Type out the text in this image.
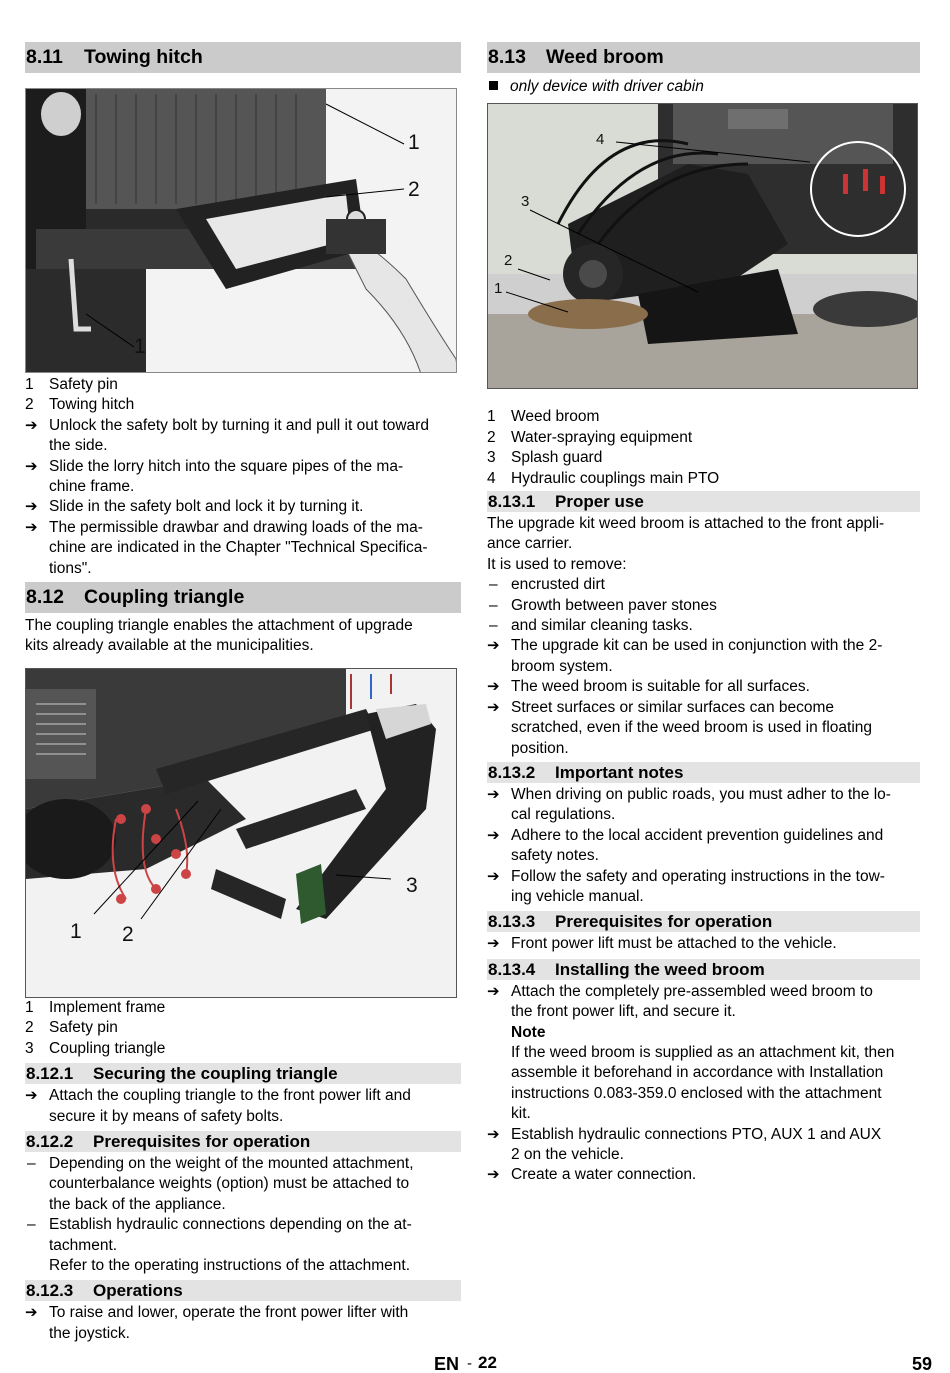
8.11 Towing hitch
1
2
1
1 Safety pin
2 Towing hitch
➔ Unlock the safety bolt by turning it and pull it out toward
the side.
➔ Slide the lorry hitch into the square pipes of the ma-
chine frame.
➔ Slide in the safety bolt and lock it by turning it.
➔ The permissible drawbar and drawing loads of the ma-
chine are indicated in the Chapter "Technical Specifica-
tions".
8.12 Coupling triangle

The coupling triangle enables the attachment of upgrade
kits already available at the municipalities.

1 2
3
1 Implement frame
2 Safety pin
3 Coupling triangle
8.12.1 Securing the coupling triangle
➔ Attach the coupling triangle to the front power lift and
secure it by means of safety bolts.
8.12.2 Prerequisites for operation
– Depending on the weight of the mounted attachment,
counterbalance weights (option) must be attached to
the back of the appliance.
– Establish hydraulic connections depending on the at-
tachment.
Refer to the operating instructions of the attachment.
8.12.3 Operations
➔ To raise and lower, operate the front power lifter with
the joystick.
8.13 Weed broom

only device with driver cabin

4
3
2
1
1 Weed broom
2 Water-spraying equipment
3 Splash guard
4 Hydraulic couplings main PTO
8.13.1 Proper use

The upgrade kit weed broom is attached to the front appli-
ance carrier.
It is used to remove:

– encrusted dirt
– Growth between paver stones
– and similar cleaning tasks.
➔ The upgrade kit can be used in conjunction with the 2-
broom system.
➔ The weed broom is suitable for all surfaces.
➔ Street surfaces or similar surfaces can become
scratched, even if the weed broom is used in floating
position.
8.13.2 Important notes
➔ When driving on public roads, you must adher to the lo-
cal regulations.
➔ Adhere to the local accident prevention guidelines and
safety notes.
➔ Follow the safety and operating instructions in the tow-
ing vehicle manual.
8.13.3 Prerequisites for operation
➔ Front power lift must be attached to the vehicle.
8.13.4 Installing the weed broom
➔ Attach the completely pre-assembled weed broom to
the front power lift, and secure it.
Note
If the weed broom is supplied as an attachment kit, then
assemble it beforehand in accordance with Installation
instructions 0.083-359.0 enclosed with the attachment
kit.
➔ Establish hydraulic connections PTO, AUX 1 and AUX
2 on the vehicle.
➔ Create a water connection.
EN - 22	59
